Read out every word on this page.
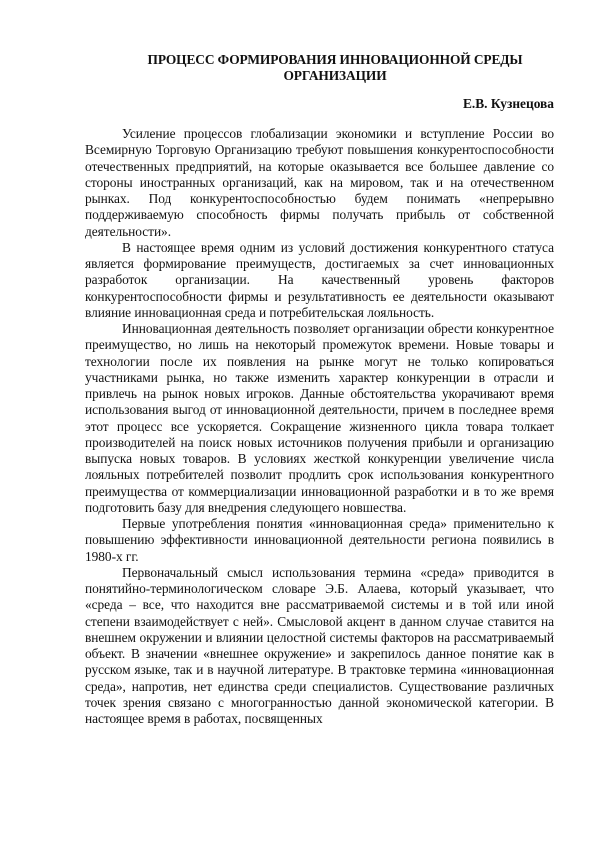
ПРОЦЕСС ФОРМИРОВАНИЯ ИННОВАЦИОННОЙ СРЕДЫ
ОРГАНИЗАЦИИ

Е.В. Кузнецова

Усиление процессов глобализации экономики и вступление России во Всемирную Торговую Организацию требуют повышения конкурентоспособности отечественных предприятий, на которые оказывается все большее давление со стороны иностранных организаций, как на мировом, так и на отечественном рынках. Под конкурентоспособностью будем понимать «непрерывно поддерживаемую способность фирмы получать прибыль от собственной деятельности».

В настоящее время одним из условий достижения конкурентного статуса является формирование преимуществ, достигаемых за счет инновационных разработок организации. На качественный уровень факторов конкурентоспособности фирмы и результативность ее деятельности оказывают влияние инновационная среда и потребительская лояльность.

Инновационная деятельность позволяет организации обрести конкурентное преимущество, но лишь на некоторый промежуток времени. Новые товары и технологии после их появления на рынке могут не только копироваться участниками рынка, но также изменить характер конкуренции в отрасли и привлечь на рынок новых игроков. Данные обстоятельства укорачивают время использования выгод от инновационной деятельности, причем в последнее время этот процесс все ускоряется. Сокращение жизненного цикла товара толкает производителей на поиск новых источников получения прибыли и организацию выпуска новых товаров. В условиях жесткой конкуренции увеличение числа лояльных потребителей позволит продлить срок использования конкурентного преимущества от коммерциализации инновационной разработки и в то же время подготовить базу для внедрения следующего новшества.

Первые употребления понятия «инновационная среда» применительно к повышению эффективности инновационной деятельности региона появились в 1980-х гг.

Первоначальный смысл использования термина «среда» приводится в понятийно-терминологическом словаре Э.Б. Алаева, который указывает, что «среда – все, что находится вне рассматриваемой системы и в той или иной степени взаимодействует с ней». Смысловой акцент в данном случае ставится на внешнем окружении и влиянии целостной системы факторов на рассматриваемый объект. В значении «внешнее окружение» и закрепилось данное понятие как в русском языке, так и в научной литературе. В трактовке термина «инновационная среда», напротив, нет единства среди специалистов. Существование различных точек зрения связано с многогранностью данной экономической категории. В настоящее время в работах, посвященных
